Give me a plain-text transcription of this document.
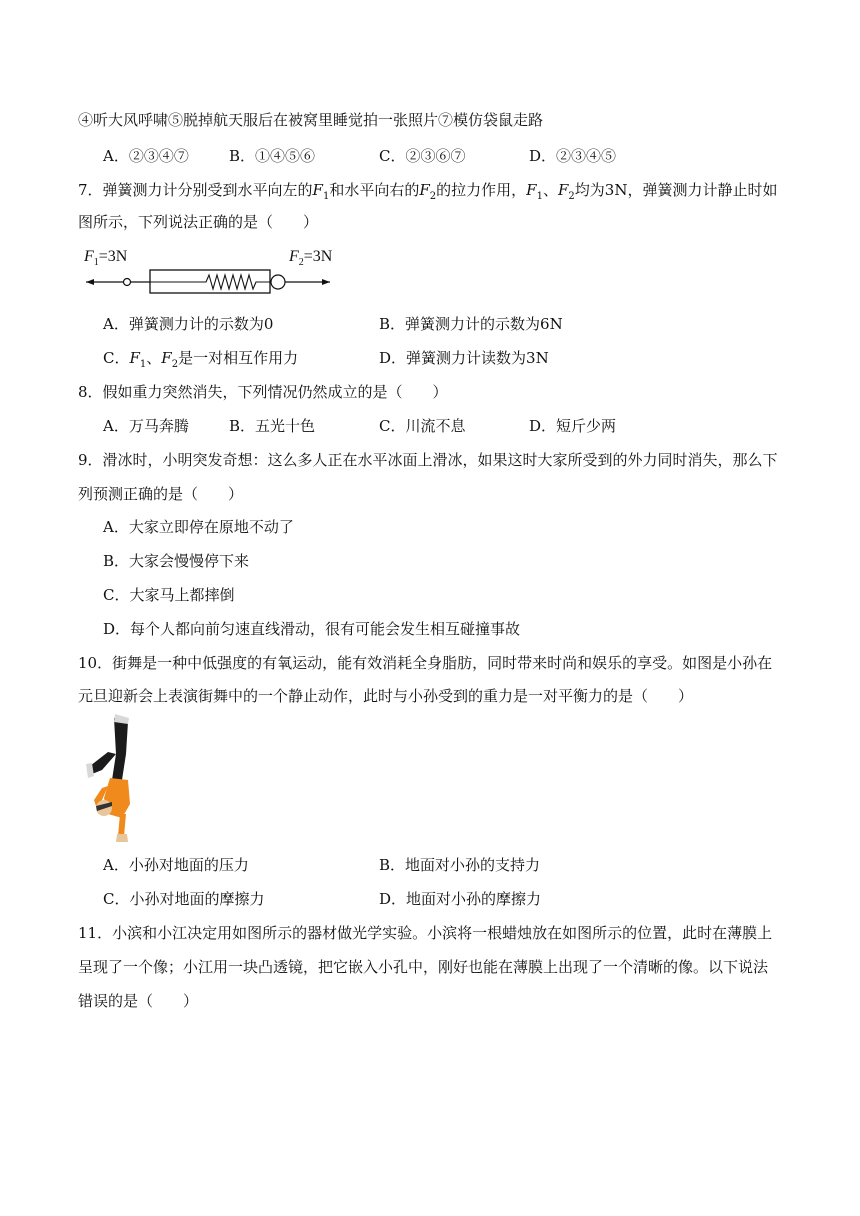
④听大风呼啸⑤脱掉航天服后在被窝里睡觉拍一张照片⑦模仿袋鼠走路
A．②③④⑦	B．①④⑤⑥	C．②③⑥⑦	D．②③④⑤
7．弹簧测力计分别受到水平向左的$F_1$和水平向右的$F_2$的拉力作用，$F_1$、$F_2$均为3N，弹簧测力计静止时如
图所示，下列说法正确的是（　　）
$F_1=3N$	$F_2=3N$
A．弹簧测力计的示数为0	B．弹簧测力计的示数为6N
C．$F_1$、$F_2$是一对相互作用力	D．弹簧测力计读数为3N
8．假如重力突然消失，下列情况仍然成立的是（　　）
A．万马奔腾	B．五光十色	C．川流不息	D．短斤少两
9．滑冰时，小明突发奇想：这么多人正在水平冰面上滑冰，如果这时大家所受到的外力同时消失，那么下
列预测正确的是（　　）
A．大家立即停在原地不动了
B．大家会慢慢停下来
C．大家马上都摔倒
D．每个人都向前匀速直线滑动，很有可能会发生相互碰撞事故
10．街舞是一种中低强度的有氧运动，能有效消耗全身脂肪，同时带来时尚和娱乐的享受。如图是小孙在
元旦迎新会上表演街舞中的一个静止动作，此时与小孙受到的重力是一对平衡力的是（　　）
A．小孙对地面的压力	B．地面对小孙的支持力
C．小孙对地面的摩擦力	D．地面对小孙的摩擦力
11．小滨和小江决定用如图所示的器材做光学实验。小滨将一根蜡烛放在如图所示的位置，此时在薄膜上
呈现了一个像；小江用一块凸透镜，把它嵌入小孔中，刚好也能在薄膜上出现了一个清晰的像。以下说法
错误的是（　　）
